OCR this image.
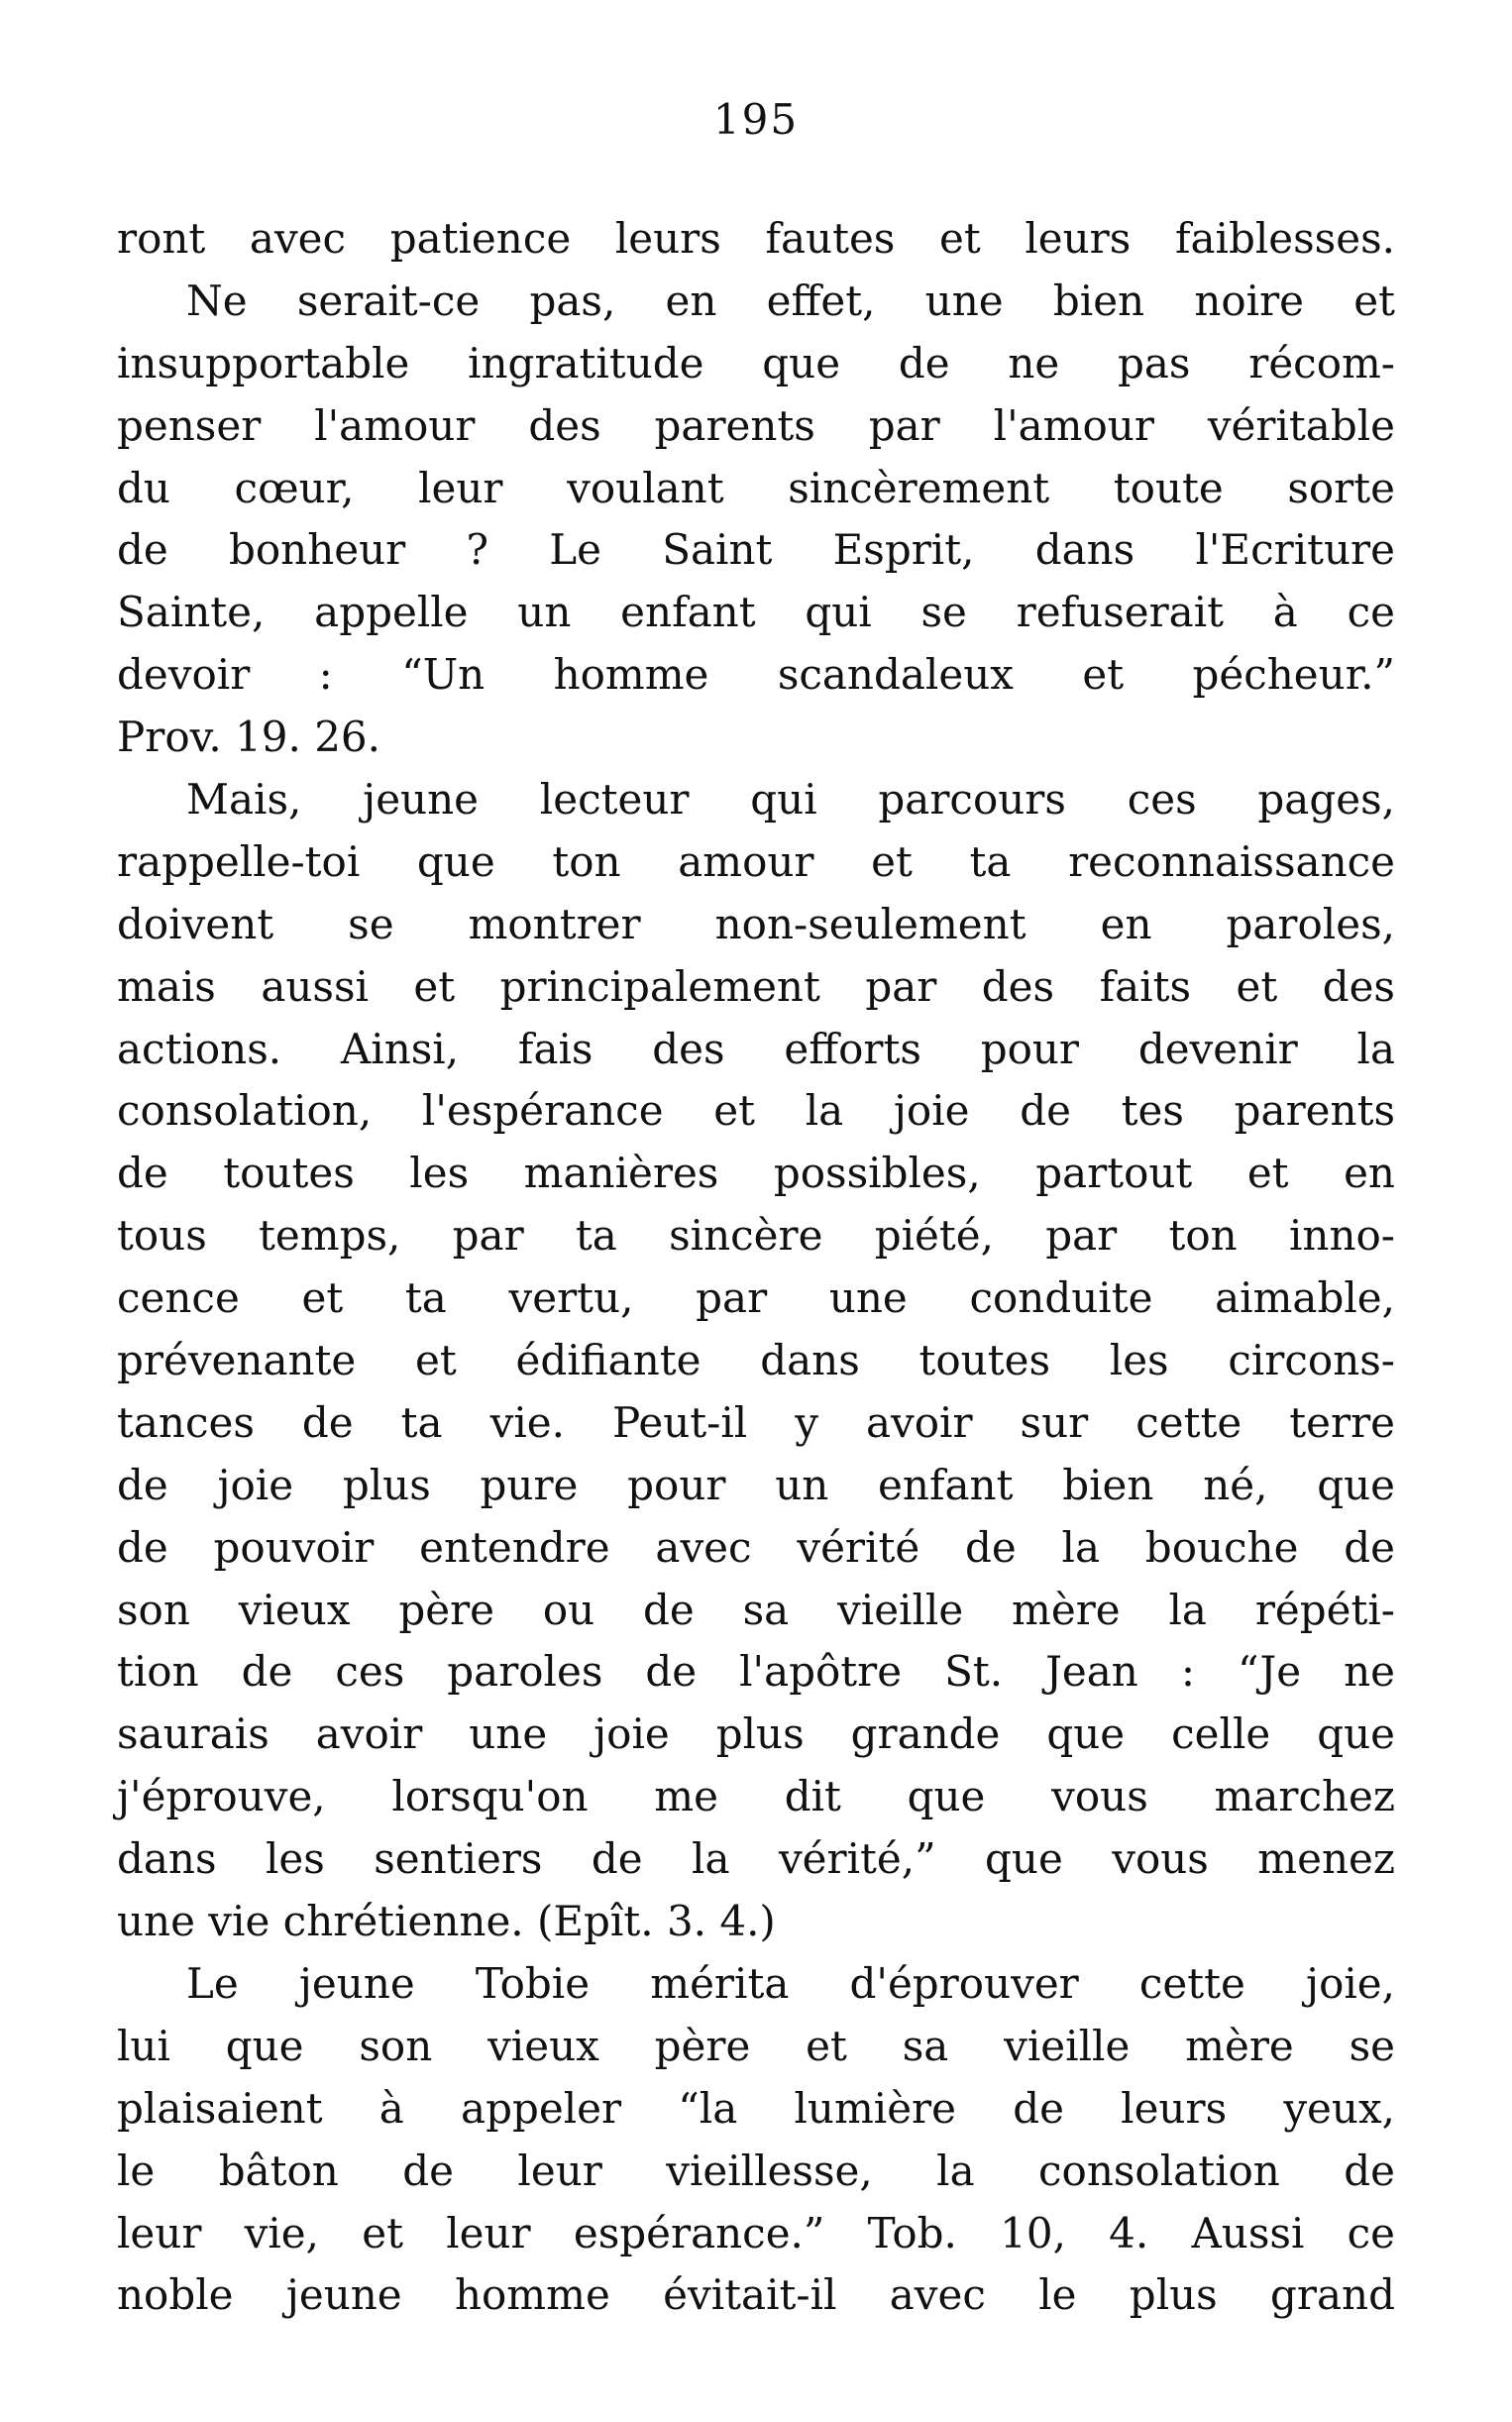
195
ront avec patience leurs fautes et leurs faiblesses.
Ne serait-ce pas, en effet, une bien noire et
insupportable ingratitude que de ne pas récom-
penser l'amour des parents par l'amour véritable
du cœur, leur voulant sincèrement toute sorte
de bonheur ? Le Saint Esprit, dans l'Ecriture
Sainte, appelle un enfant qui se refuserait à ce
devoir : “Un homme scandaleux et pécheur.”
Prov. 19. 26.
Mais, jeune lecteur qui parcours ces pages,
rappelle-toi que ton amour et ta reconnaissance
doivent se montrer non-seulement en paroles,
mais aussi et principalement par des faits et des
actions. Ainsi, fais des efforts pour devenir la
consolation, l'espérance et la joie de tes parents
de toutes les manières possibles, partout et en
tous temps, par ta sincère piété, par ton inno-
cence et ta vertu, par une conduite aimable,
prévenante et édifiante dans toutes les circons-
tances de ta vie. Peut-il y avoir sur cette terre
de joie plus pure pour un enfant bien né, que
de pouvoir entendre avec vérité de la bouche de
son vieux père ou de sa vieille mère la répéti-
tion de ces paroles de l'apôtre St. Jean : “Je ne
saurais avoir une joie plus grande que celle que
j'éprouve, lorsqu'on me dit que vous marchez
dans les sentiers de la vérité,” que vous menez
une vie chrétienne. (Epît. 3. 4.)
Le jeune Tobie mérita d'éprouver cette joie,
lui que son vieux père et sa vieille mère se
plaisaient à appeler “la lumière de leurs yeux,
le bâton de leur vieillesse, la consolation de
leur vie, et leur espérance.” Tob. 10, 4. Aussi ce
noble jeune homme évitait-il avec le plus grand
